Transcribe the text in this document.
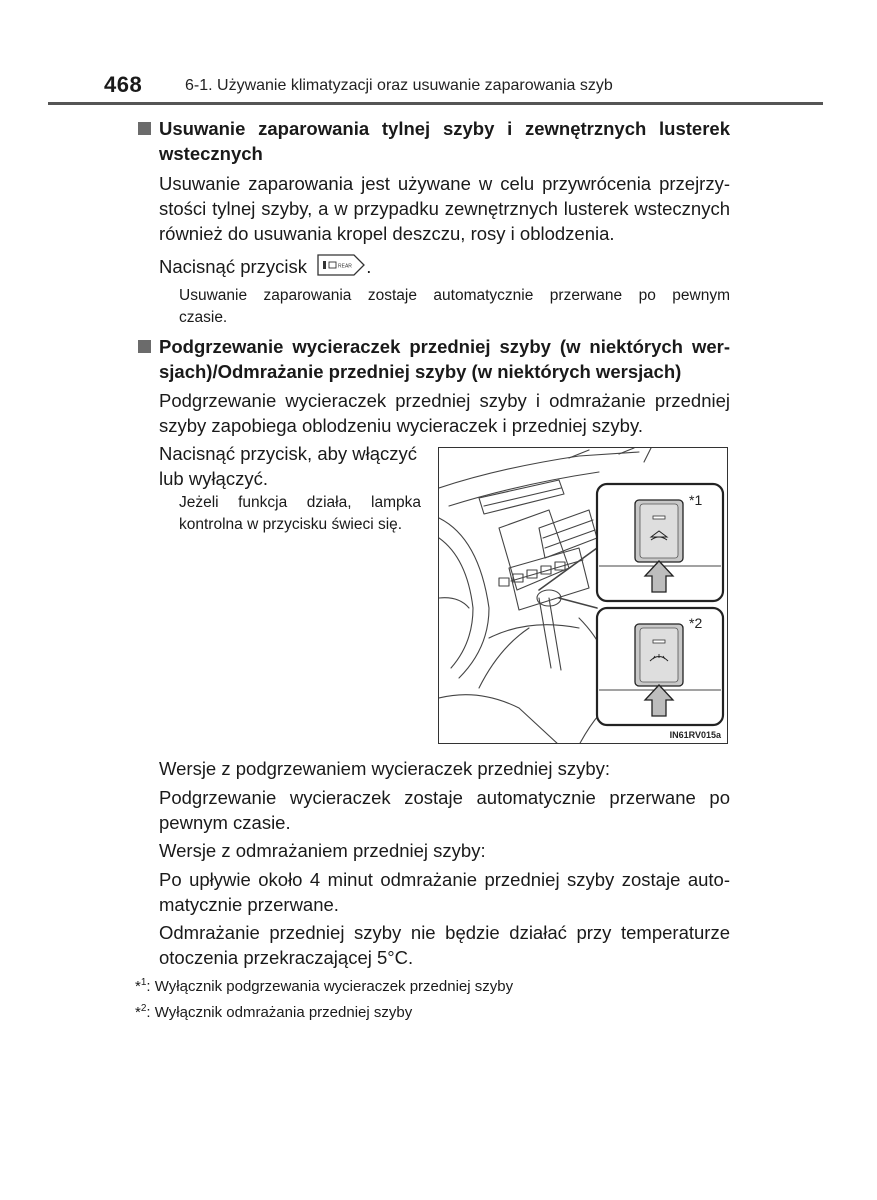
468	6-1. Używanie klimatyzacji oraz usuwanie zaparowania szyb
Usuwanie zaparowania tylnej szyby i zewnętrznych lusterek
wstecznych
Usuwanie zaparowania jest używane w celu przywrócenia przejrzy-
stości tylnej szyby, a w przypadku zewnętrznych lusterek wstecznych
również do usuwania kropel deszczu, rosy i oblodzenia.
Nacisnąć przycisk	REAR .
Usuwanie zaparowania zostaje automatycznie przerwane po pewnym
czasie.
Podgrzewanie wycieraczek przedniej szyby (w niektórych wer-
sjach)/Odmrażanie przedniej szyby (w niektórych wersjach)
Podgrzewanie wycieraczek przedniej szyby i odmrażanie przedniej
szyby zapobiega oblodzeniu wycieraczek i przedniej szyby.
Nacisnąć przycisk, aby włączyć
lub wyłączyć.
Jeżeli funkcja działa, lampka
kontrolna w przycisku świeci się.
*1
*2
IN61RV015a
Wersje z podgrzewaniem wycieraczek przedniej szyby:
Podgrzewanie wycieraczek zostaje automatycznie przerwane po
pewnym czasie.
Wersje z odmrażaniem przedniej szyby:
Po upływie około 4 minut odmrażanie przedniej szyby zostaje auto-
matycznie przerwane.
Odmrażanie przedniej szyby nie będzie działać przy temperaturze
otoczenia przekraczającej 5°C.
*$^1$: Wyłącznik podgrzewania wycieraczek przedniej szyby
*$^2$: Wyłącznik odmrażania przedniej szyby
